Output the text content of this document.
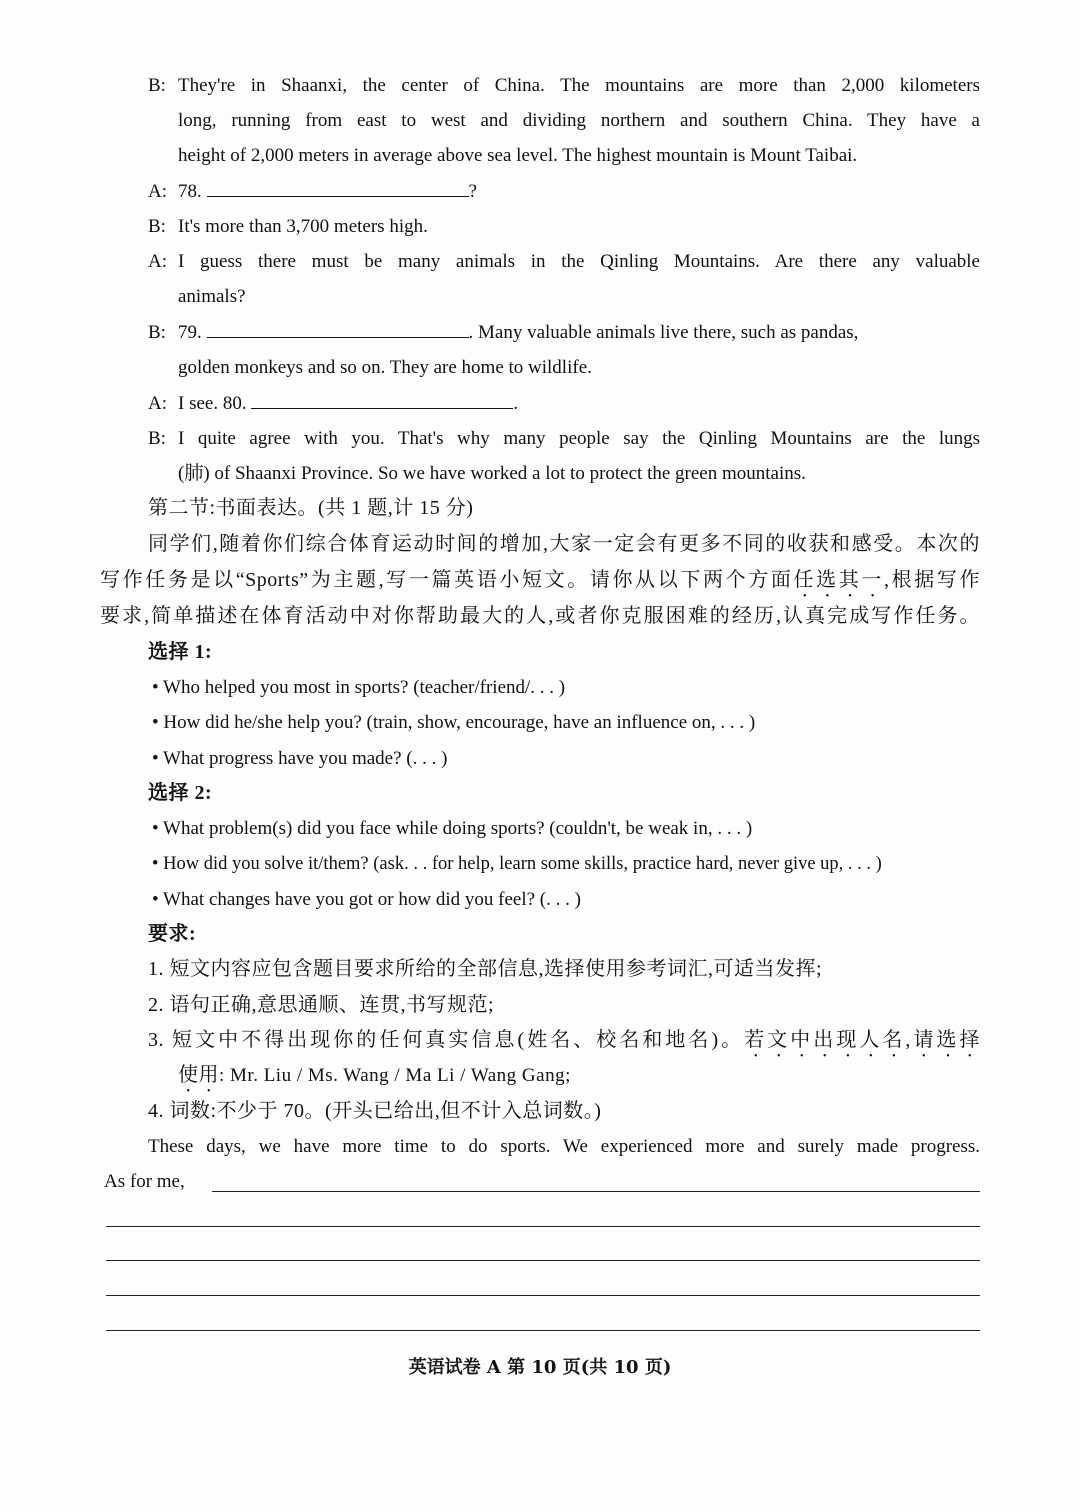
B: They're in Shaanxi, the center of China. The mountains are more than 2,000 kilometers
long, running from east to west and dividing northern and southern China. They have a
height of 2,000 meters in average above sea level. The highest mountain is Mount Taibai.
A: 78.	?
B: It's more than 3,700 meters high.
A: I guess there must be many animals in the Qinling Mountains. Are there any valuable
animals?
B: 79.	. Many valuable animals live there, such as pandas,
golden monkeys and so on. They are home to wildlife.
A: I see. 80.	.
B: I quite agree with you. That's why many people say the Qinling Mountains are the lungs
(肺) of Shaanxi Province. So we have worked a lot to protect the green mountains.
第二节:书面表达。(共 1 题,计 15 分)
同学们,随着你们综合体育运动时间的增加,大家一定会有更多不同的收获和感受。本次的
写作任务是以“Sports”为主题,写一篇英语小短文。请你从以下两个方面任选其一,根据写作
要求,简单描述在体育活动中对你帮助最大的人,或者你克服困难的经历,认真完成写作任务。
选择 1:
• Who helped you most in sports? (teacher/friend/. . . )
• How did he/she help you? (train, show, encourage, have an influence on, . . . )
• What progress have you made? (. . . )
选择 2:
• What problem(s) did you face while doing sports? (couldn't, be weak in, . . . )
• How did you solve it/them? (ask. . . for help, learn some skills, practice hard, never give up, . . . )
• What changes have you got or how did you feel? (. . . )
要求:
1. 短文内容应包含题目要求所给的全部信息,选择使用参考词汇,可适当发挥;
2. 语句正确,意思通顺、连贯,书写规范;
3. 短文中不得出现你的任何真实信息(姓名、校名和地名)。若文中出现人名,请选择
使用: Mr. Liu / Ms. Wang / Ma Li / Wang Gang;
4. 词数:不少于 70。(开头已给出,但不计入总词数。)
These days, we have more time to do sports. We experienced more and surely made progress.
As for me,
英语试卷 A 第 10 页(共 10 页)
